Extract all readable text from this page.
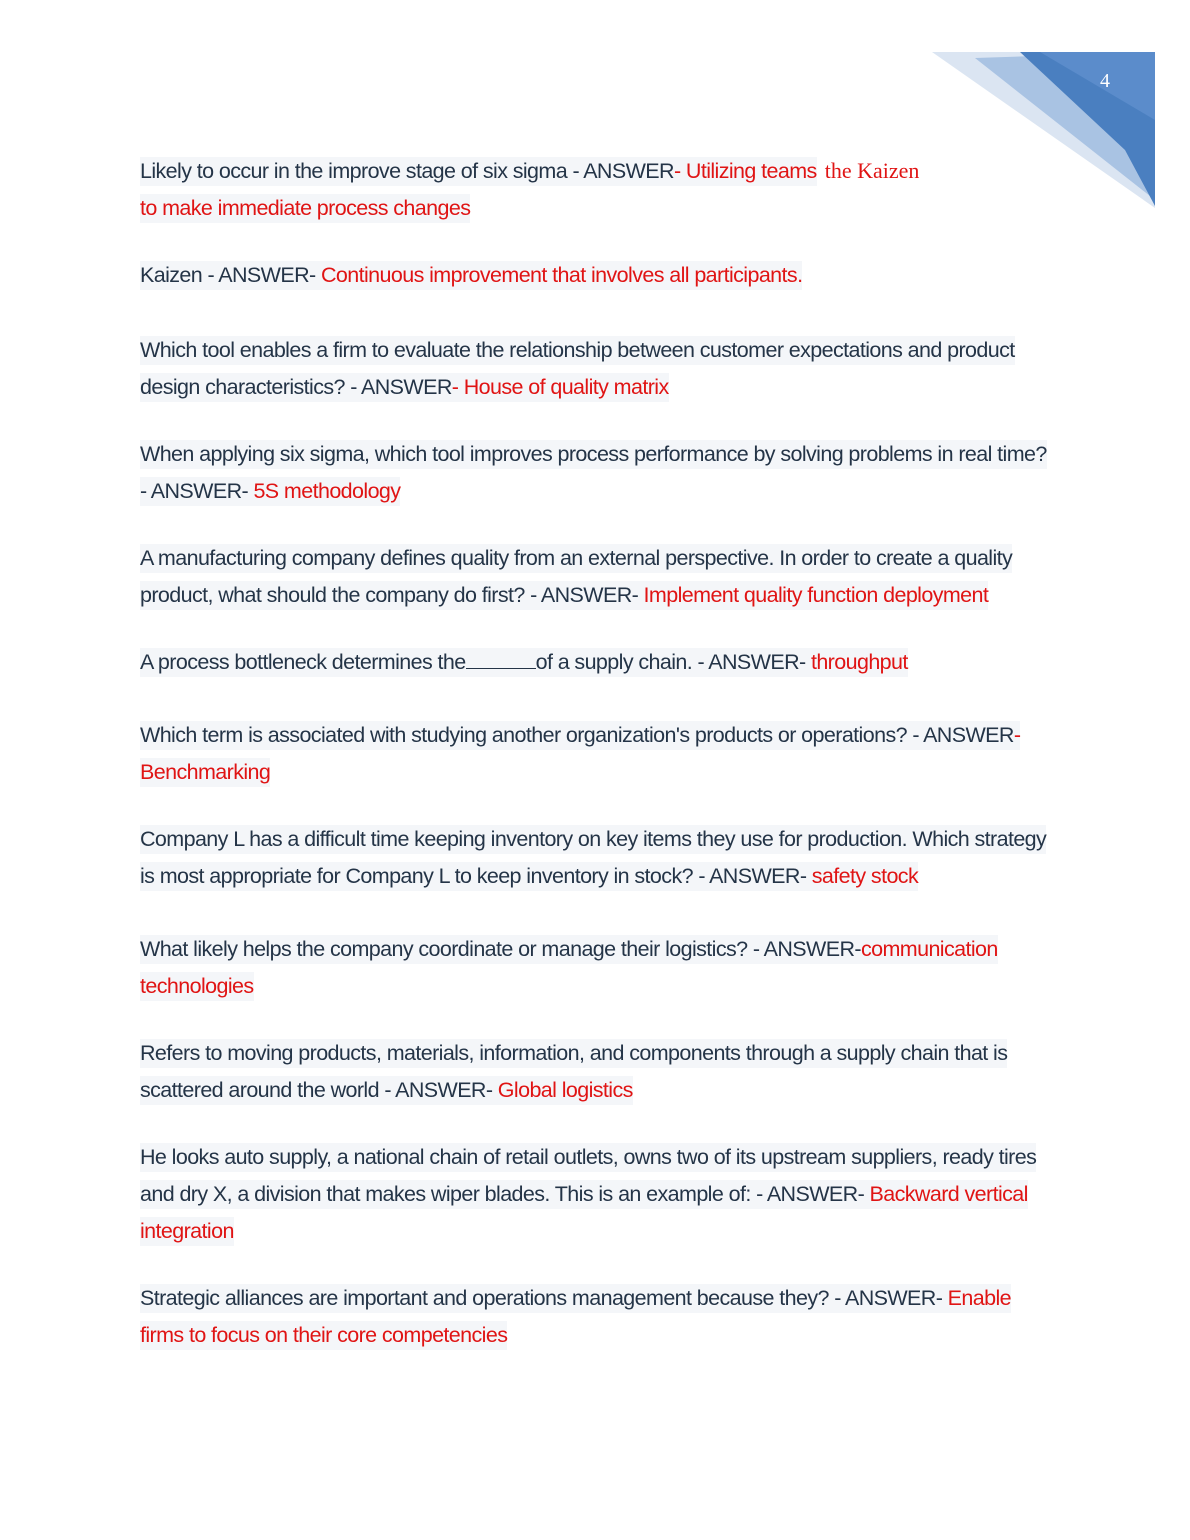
4
Likely to occur in the improve stage of six sigma - ANSWER- Utilizing teams the Kaizen
to make immediate process changes
Kaizen - ANSWER- Continuous improvement that involves all participants.
Which tool enables a firm to evaluate the relationship between customer expectations and product design characteristics? - ANSWER- House of quality matrix
When applying six sigma, which tool improves process performance by solving problems in real time? - ANSWER- 5S methodology
A manufacturing company defines quality from an external perspective. In order to create a quality product, what should the company do first? - ANSWER- Implement quality function deployment
A process bottleneck determines the	of a supply chain. - ANSWER- throughput
Which term is associated with studying another organization's products or operations? - ANSWER- Benchmarking
Company L has a difficult time keeping inventory on key items they use for production. Which strategy is most appropriate for Company L to keep inventory in stock? - ANSWER- safety stock
What likely helps the company coordinate or manage their logistics? - ANSWER-communication technologies
Refers to moving products, materials, information, and components through a supply chain that is scattered around the world - ANSWER- Global logistics
He looks auto supply, a national chain of retail outlets, owns two of its upstream suppliers, ready tires and dry X, a division that makes wiper blades. This is an example of: - ANSWER- Backward vertical integration
Strategic alliances are important and operations management because they? - ANSWER- Enable firms to focus on their core competencies
